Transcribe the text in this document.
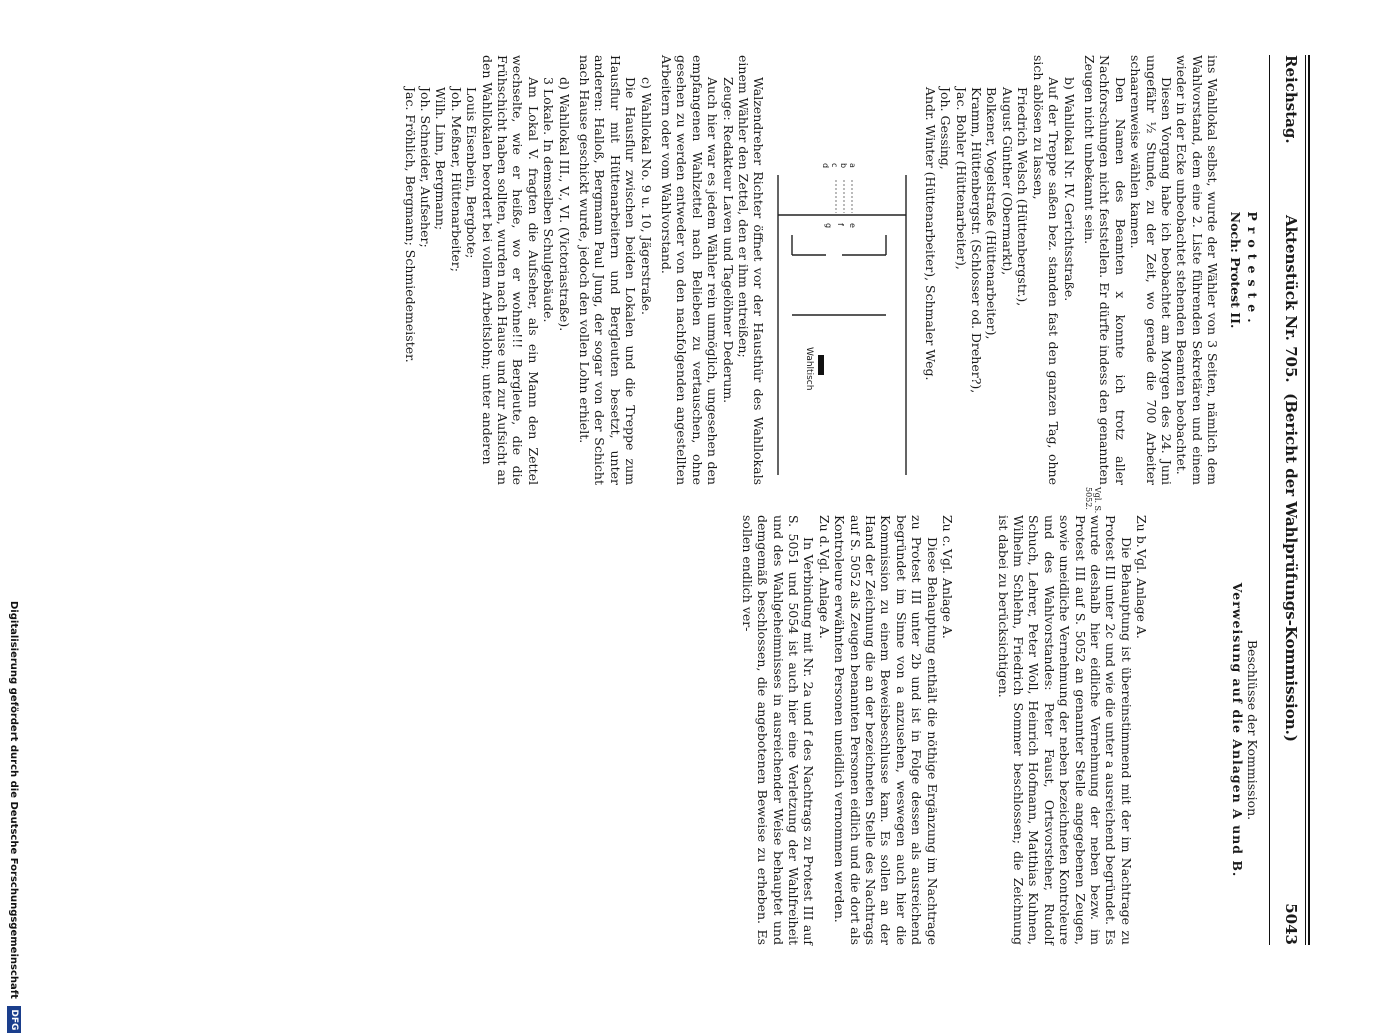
Digitalisierung gefördert durch die Deutsche Forschungsgemeinschaft DFG
Reichstag.
Aktenstück Nr. 705.  (Bericht der Wahlprüfungs-Kommission.)
5043
Proteste.
Noch: Protest II.

ins Wahllokal selbst, wurde der Wähler von 3 Seiten, nämlich dem Wahlvorstand, dem eine 2. Liste führenden Sekretären und einem wieder in der Ecke unbeobachtet stehenden Beamten beobachtet.

Diesen Vorgang habe ich beobachtet am Morgen des 24. Juni ungefähr ½ Stunde, zu der Zeit, wo gerade die 700 Arbeiter schaarenweise wählen kamen.

Den Namen des Beamten x konnte ich trotz aller Nachforschungen nicht feststellen. Er dürfte indess den genannten Zeugen nicht unbekannt sein.

b) Wahllokal Nr. IV. Gerichtsstraße.

Auf der Treppe saßen bez. standen fast den ganzen Tag, ohne sich ablösen zu lassen,

Friedrich Welsch (Hüttenbergstr.),
August Günther (Obermarkt),
Bolkener, Vogelstraße (Hüttenarbeiter),
Kramm, Hüttenbergstr. (Schlosser od. Dreher?),
Jac. Bohler (Hüttenarbeiter),
Joh. Gessing,
Andr. Winter (Hüttenarbeiter), Schmaler Weg.
a
b
c
d
e
f
g
Wahltisch

Walzendreher Richter öffnet vor der Hausthür des Wahllokals einem Wähler den Zettel, den er ihm entreißen;

Zeuge: Redakteur Laven und Tagelöhner Dederum.

Auch hier war es jedem Wähler rein unmöglich, ungesehen den empfangenen Wahlzettel nach Belieben zu vertauschen, ohne gesehen zu werden entweder von den nachfolgenden angestellten Arbeitern oder vom Wahlvorstand.

c) Wahllokal No. 9 u. 10, Jägerstraße.

Die Hausflur zwischen beiden Lokalen und die Treppe zum Hausflur mit Hüttenarbeitern und Bergleuten besetzt, unter anderen: Halloß, Bergmann Paul Jung, der sogar von der Schicht nach Hause geschickt wurde, jedoch den vollen Lohn erhielt.

d) Wahllokal III., V., VI. (Victoriastraße).

3 Lokale. In demselben Schulgebäude.

Am Lokal V. fragten die Aufseher, als ein Mann den Zettel wechselte, wie er heiße, wo er wohne!!! Bergleute, die die Frühschicht haben sollten, wurden nach Hause und zur Aufsicht an den Wahllokalen beordert bei vollem Arbeitslohn; unter anderen

Louis Eisenbein, Bergbote;
Joh. Meßner, Hüttenarbeiter;
Wilh. Linn, Bergmann;
Joh. Schneider, Aufseher;
Jac. Fröhlich, Bergmann; Schmiedemeister.
Beschlüsse der Kommission.
Verweisung auf die Anlagen A und B.

Zu b.Vgl. Anlage A.

Die Behauptung ist übereinstimmend mit der im Nachtrage zu Protest III unter 2c und wie die unter a ausreichend begründet. Es wurde deshalb hier eidliche Vernehmung der neben bezw. im Protest III auf S. 5052 an genannter Stelle angegebenen Zeugen, sowie uneidliche Vernehmung der neben bezeichneten Kontroleure und des Wahlvorstandes: Peter Faust, Ortsvorsteher, Rudolf Schuch, Lehrer, Peter Woll, Heinrich Hofmann, Matthias Kuhnen, Wilhelm Schlehn, Friedrich Sommer beschlossen; die Zeichnung ist dabei zu berücksichtigen.

Zu c.Vgl. Anlage A.

Diese Behauptung enthält die nöthige Ergänzung im Nachtrage zu Protest III unter 2b und ist in Folge dessen als ausreichend begründet im Sinne von a anzusehen, weswegen auch hier die Kommission zu einem Beweisbeschlusse kam. Es sollen an der Hand der Zeichnung die an der bezeichneten Stelle des Nachtrags auf S. 5052 als Zeugen benannten Personen eidlich und die dort als Kontroleure erwähnten Personen uneidlich vernommen werden.

Zu d.Vgl. Anlage A.

In Verbindung mit Nr. 2a und f des Nachtrags zu Protest III auf S. 5051 und 5054 ist auch hier eine Verletzung der Wahlfreiheit und des Wahlgeheimnisses in ausreichender Weise behauptet und demgemäß beschlossen, die angebotenen Beweise zu erheben. Es sollen endlich ver-

Vgl. S. 5052.
